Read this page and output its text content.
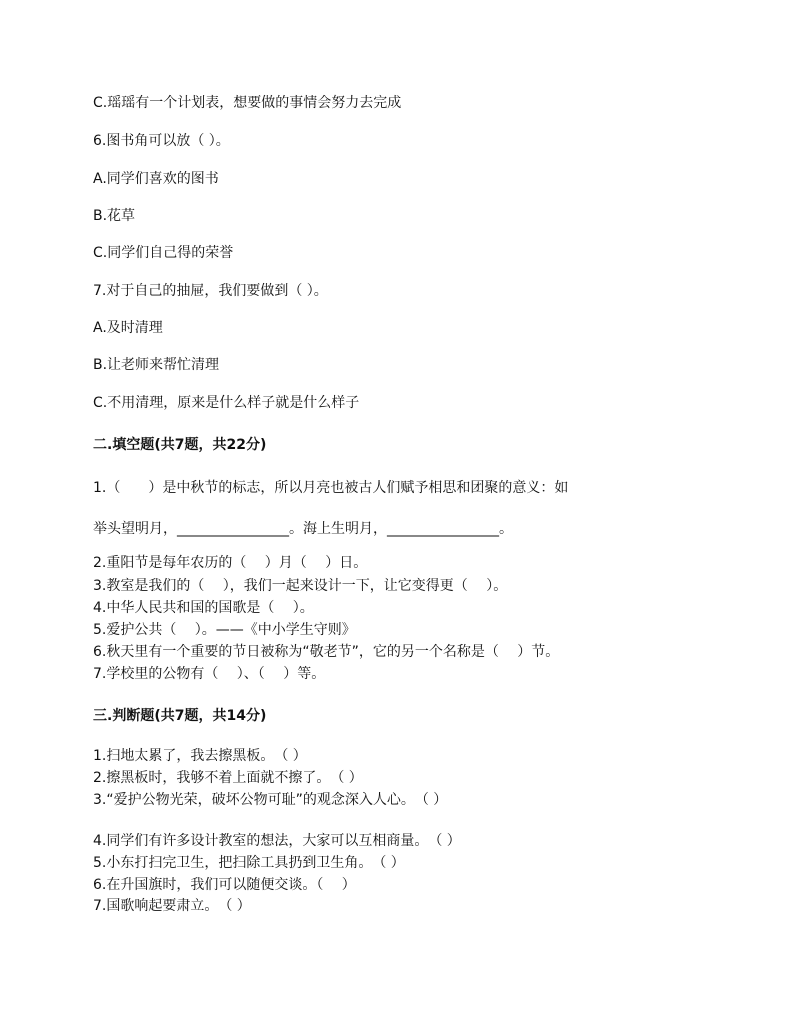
C.瑶瑶有一个计划表，想要做的事情会努力去完成
6.图书角可以放（ ）。
A.同学们喜欢的图书
B.花草
C.同学们自己得的荣誉
7.对于自己的抽屉，我们要做到（ ）。
A.及时清理
B.让老师来帮忙清理
C.不用清理，原来是什么样子就是什么样子
二.填空题(共7题，共22分)
1.（　　）是中秋节的标志，所以月亮也被古人们赋予相思和团聚的意义：如
举头望明月，________________。海上生明月，________________。
2.重阳节是每年农历的（　 ）月（　 ）日。
3.教室是我们的（　 ），我们一起来设计一下，让它变得更（　 ）。
4.中华人民共和国的国歌是（　 ）。
5.爱护公共（　 ）。——《中小学生守则》
6.秋天里有一个重要的节日被称为“敬老节”，它的另一个名称是（　 ）节。
7.学校里的公物有（　 ）、（　 ）等。
三.判断题(共7题，共14分)
1.扫地太累了，我去擦黑板。　（ ）
2.擦黑板时，我够不着上面就不擦了。　（ ）
3.“爱护公物光荣，破坏公物可耻”的观念深入人心。　（ ）
4.同学们有许多设计教室的想法，大家可以互相商量。　（ ）
5.小东打扫完卫生，把扫除工具扔到卫生角。　（ ）
6.在升国旗时，我们可以随便交谈。（　 ）
7.国歌响起要肃立。　（ ）
